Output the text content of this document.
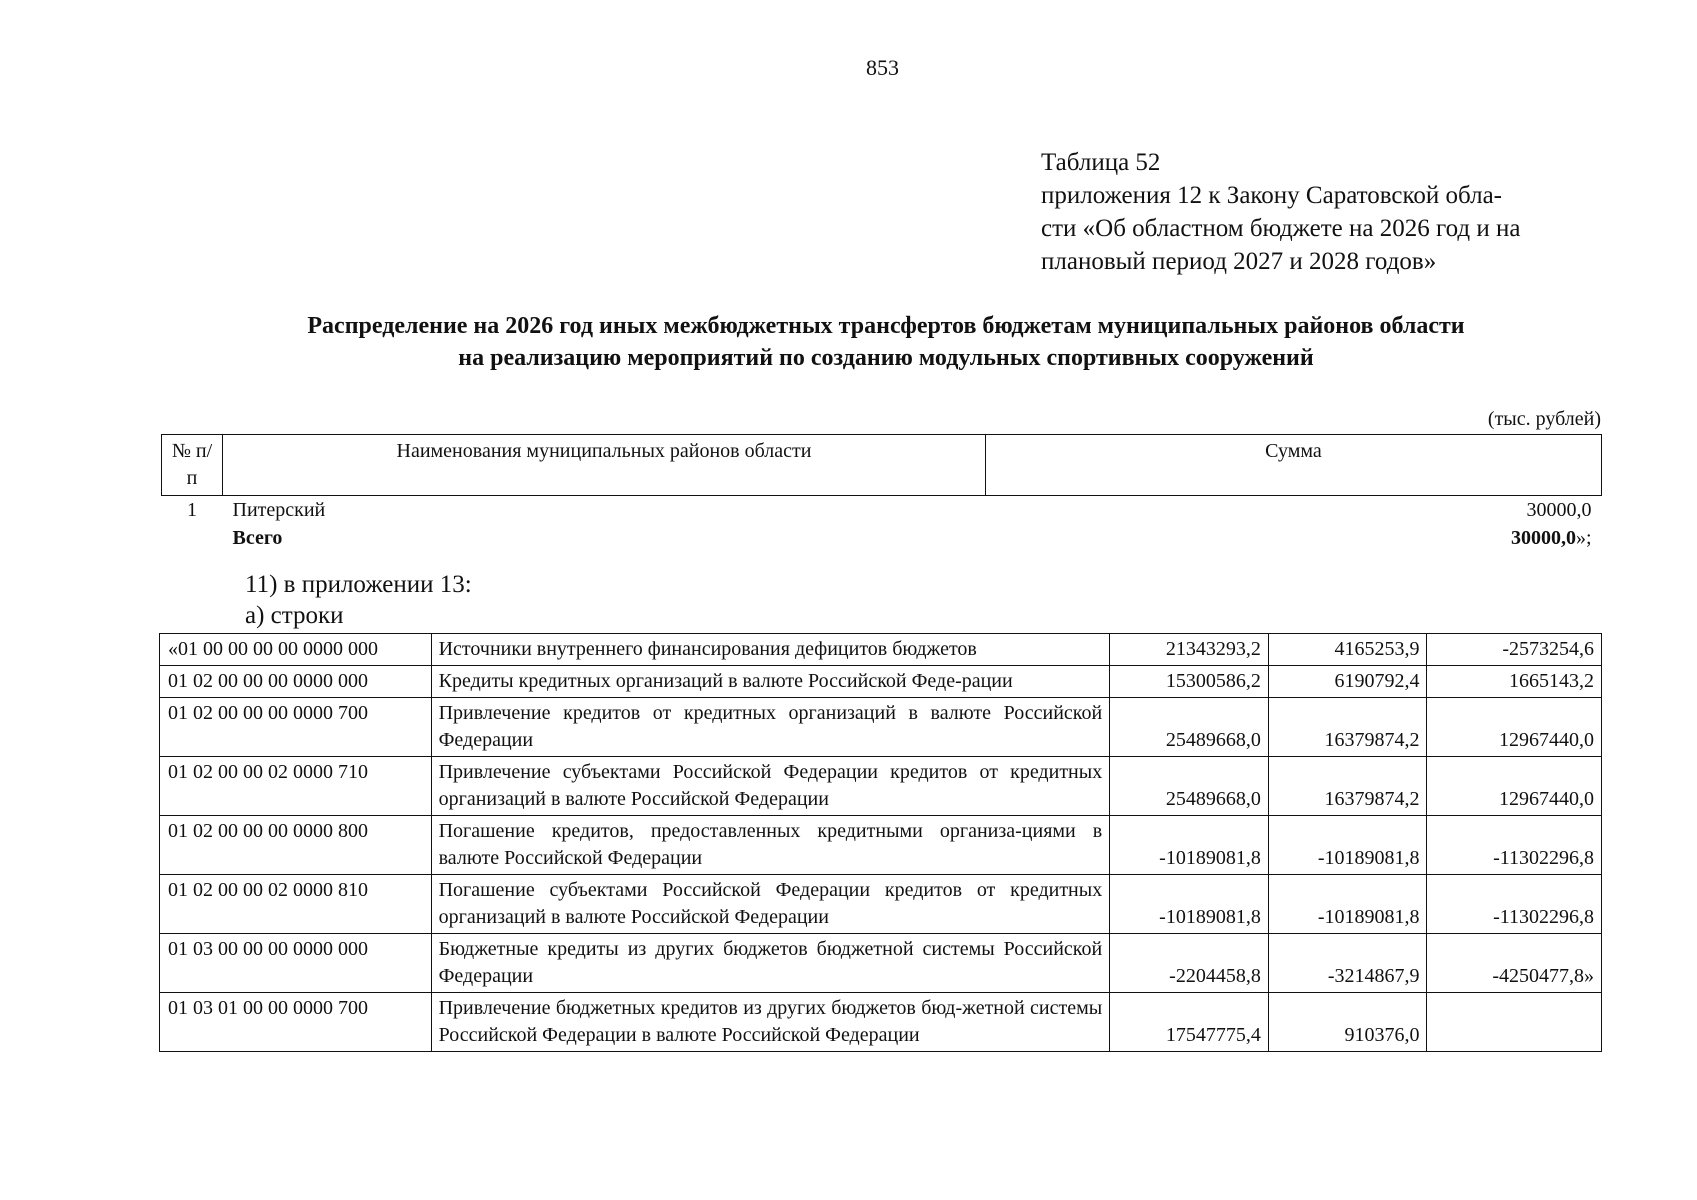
853
Таблица 52
приложения 12 к Закону Саратовской обла-
сти «Об областном бюджете на 2026 год и на
плановый период 2027 и 2028 годов»
Распределение на 2026 год иных межбюджетных трансфертов бюджетам муниципальных районов области
на реализацию мероприятий по созданию модульных спортивных сооружений
(тыс. рублей)
№ п/п	Наименования муниципальных районов области	Сумма
1	Питерский	30000,0
	Всего	30000,0»;
11) в приложении 13:
а) строки
«01 00 00 00 00 0000 000	Источники внутреннего финансирования дефицитов бюджетов	21343293,2	4165253,9	-2573254,6
01 02 00 00 00 0000 000	Кредиты кредитных организаций в валюте Российской Феде-рации	15300586,2	6190792,4	1665143,2
01 02 00 00 00 0000 700	Привлечение кредитов от кредитных организаций в валюте Российской Федерации	25489668,0	16379874,2	12967440,0
01 02 00 00 02 0000 710	Привлечение субъектами Российской Федерации кредитов от кредитных организаций в валюте Российской Федерации	25489668,0	16379874,2	12967440,0
01 02 00 00 00 0000 800	Погашение кредитов, предоставленных кредитными организа-циями в валюте Российской Федерации	-10189081,8	-10189081,8	-11302296,8
01 02 00 00 02 0000 810	Погашение субъектами Российской Федерации кредитов от кредитных организаций в валюте Российской Федерации	-10189081,8	-10189081,8	-11302296,8
01 03 00 00 00 0000 000	Бюджетные кредиты из других бюджетов бюджетной системы Российской Федерации	-2204458,8	-3214867,9	-4250477,8»
01 03 01 00 00 0000 700	Привлечение бюджетных кредитов из других бюджетов бюд-жетной системы Российской Федерации в валюте Российской Федерации	17547775,4	910376,0	
